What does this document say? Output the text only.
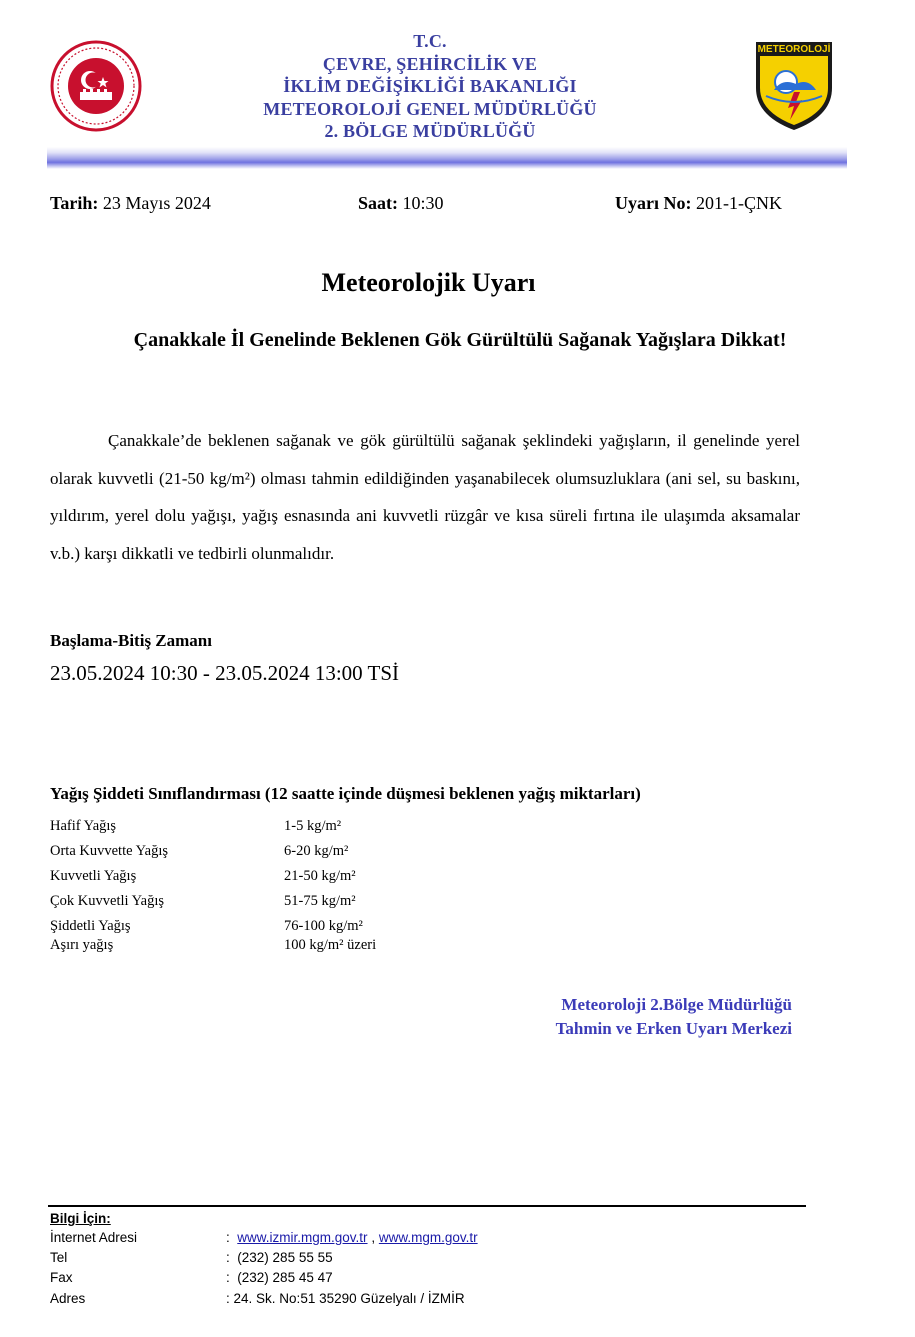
T.C.
ÇEVRE, ŞEHİRCİLİK VE
İKLİM DEĞİŞİKLİĞİ BAKANLIĞI
METEOROLOJİ GENEL MÜDÜRLÜĞÜ
2. BÖLGE MÜDÜRLÜĞÜ
METEOROLOJİ
Tarih: 23 Mayıs 2024	Saat: 10:30	Uyarı No: 201-1-ÇNK
Meteorolojik Uyarı
Çanakkale İl Genelinde Beklenen Gök Gürültülü Sağanak Yağışlara Dikkat!
Çanakkale’de beklenen sağanak ve gök gürültülü sağanak şeklindeki yağışların, il genelinde yerel olarak kuvvetli (21-50 kg/m²) olması tahmin edildiğinden yaşanabilecek olumsuzluklara (ani sel, su baskını, yıldırım, yerel dolu yağışı, yağış esnasında ani kuvvetli rüzgâr ve kısa süreli fırtına ile ulaşımda aksamalar v.b.) karşı dikkatli ve tedbirli olunmalıdır.
Başlama-Bitiş Zamanı
23.05.2024 10:30 - 23.05.2024 13:00 TSİ
Yağış Şiddeti Sınıflandırması (12 saatte içinde düşmesi beklenen yağış miktarları)
Hafif Yağış	1-5 kg/m²
Orta Kuvvette Yağış	6-20 kg/m²
Kuvvetli Yağış	21-50 kg/m²
Çok Kuvvetli Yağış	51-75 kg/m²
Şiddetli Yağış	76-100 kg/m²
Aşırı yağış	100 kg/m² üzeri
Meteoroloji 2.Bölge Müdürlüğü
Tahmin ve Erken Uyarı Merkezi
Bilgi İçin:
İnternet Adresi	: www.izmir.mgm.gov.tr , www.mgm.gov.tr
Tel	: (232) 285 55 55
Fax	: (232) 285 45 47
Adres	: 24. Sk. No:51 35290 Güzelyalı / İZMİR
